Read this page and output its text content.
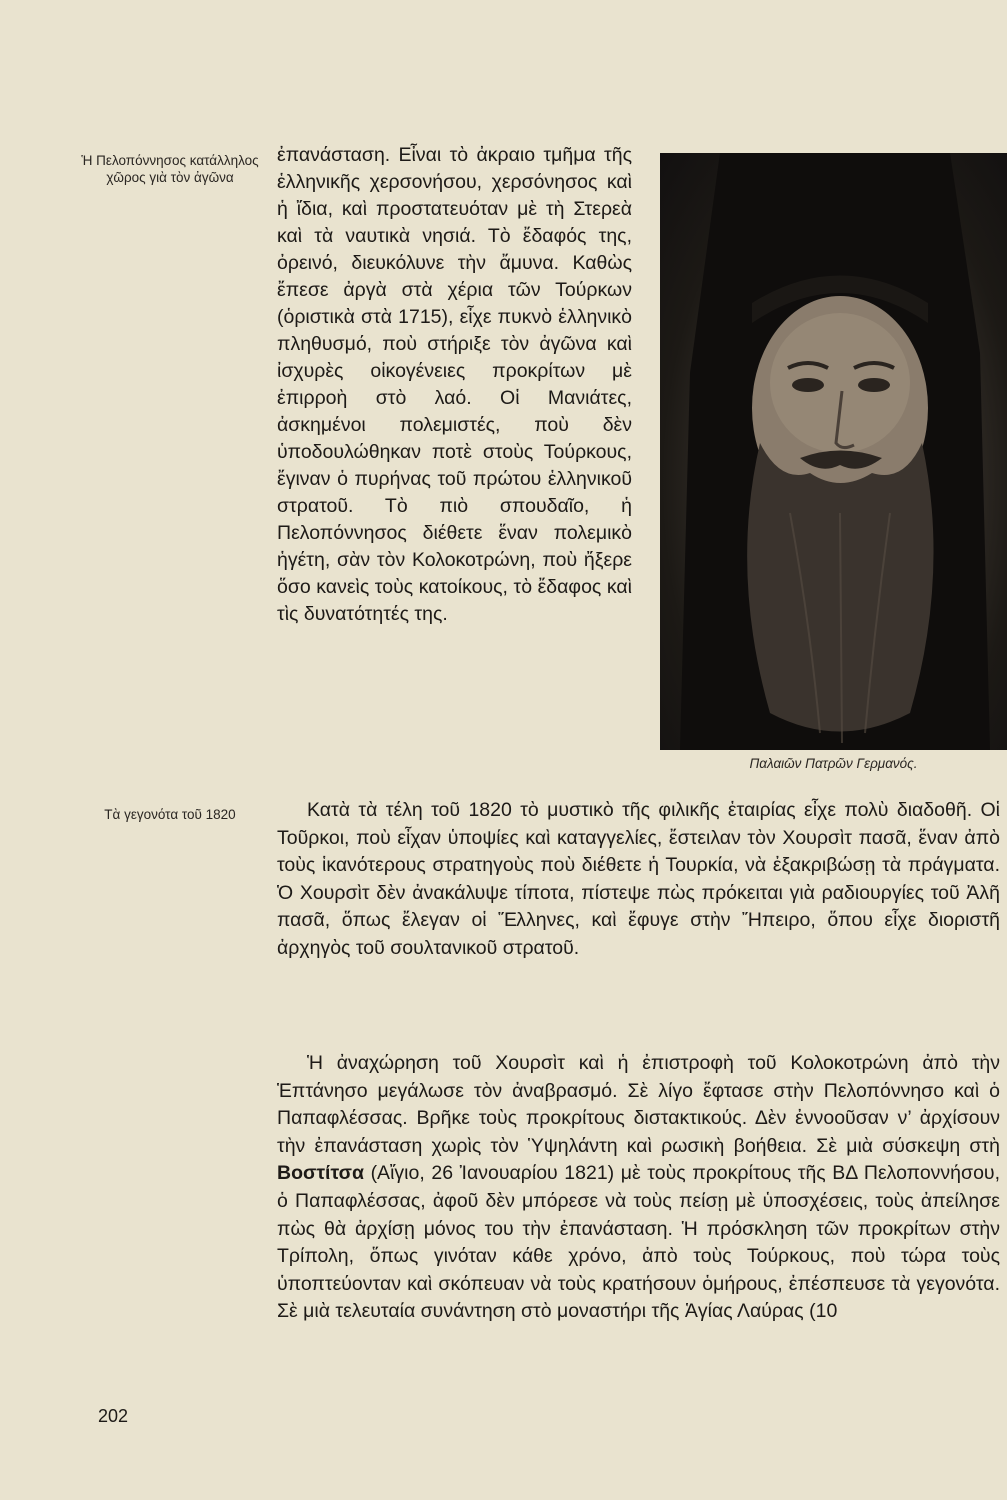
Ἡ Πελοπόννησος κατάλληλος χῶρος γιὰ τὸν ἀγῶνα
Τὰ γεγονότα τοῦ 1820

ἐπανάσταση. Εἶναι τὸ ἀκραιο τμῆμα τῆς ἑλληνικῆς χερσονήσου, χερσόνησος καὶ ἡ ἴδια, καὶ προστατευόταν μὲ τὴ Στερεὰ καὶ τὰ ναυτικὰ νησιά. Τὸ ἔδαφός της, ὀρεινό, διευκόλυνε τὴν ἄμυνα. Καθὼς ἔπεσε ἀργὰ στὰ χέρια τῶν Τούρκων (ὁριστικὰ στὰ 1715), εἶχε πυκνὸ ἑλληνικὸ πληθυσμό, ποὺ στήριξε τὸν ἀγῶνα καὶ ἰσχυρὲς οἰκογένειες προκρίτων μὲ ἐπιρροὴ στὸ λαό. Οἱ Μανιάτες, ἀσκημένοι πολεμιστές, ποὺ δὲν ὑποδουλώθηκαν ποτὲ στοὺς Τούρκους, ἔγιναν ὁ πυρήνας τοῦ πρώτου ἑλληνικοῦ στρατοῦ. Τὸ πιὸ σπουδαῖο, ἡ Πελοπόννησος διέθετε ἕναν πολεμικὸ ἡγέτη, σὰν τὸν Κολοκοτρώνη, ποὺ ἤξερε ὅσο κανεὶς τοὺς κατοίκους, τὸ ἔδαφος καὶ τὶς δυνατότητές της.

Παλαιῶν Πατρῶν Γερμανός.

Κατὰ τὰ τέλη τοῦ 1820 τὸ μυστικὸ τῆς φιλικῆς ἑταιρίας εἶχε πολὺ διαδοθῆ. Οἱ Τοῦρκοι, ποὺ εἶχαν ὑποψίες καὶ καταγγελίες, ἔστειλαν τὸν Χουρσὶτ πασᾶ, ἕναν ἀπὸ τοὺς ἱκανότερους στρατηγοὺς ποὺ διέθετε ἡ Τουρκία, νὰ ἐξακριβώσῃ τὰ πράγματα. Ὁ Χουρσὶτ δὲν ἀνακάλυψε τίποτα, πίστεψε πὼς πρόκειται γιὰ ραδιουργίες τοῦ Ἀλῆ πασᾶ, ὅπως ἔλεγαν οἱ Ἕλληνες, καὶ ἔφυγε στὴν Ἤπειρο, ὅπου εἶχε διοριστῆ ἀρχηγὸς τοῦ σουλτανικοῦ στρατοῦ.

Ἡ ἀναχώρηση τοῦ Χουρσὶτ καὶ ἡ ἐπιστροφὴ τοῦ Κολοκοτρώνη ἀπὸ τὴν Ἑπτάνησο μεγάλωσε τὸν ἀναβρασμό. Σὲ λίγο ἔφτασε στὴν Πελοπόννησο καὶ ὁ Παπαφλέσσας. Βρῆκε τοὺς προκρίτους διστακτικούς. Δὲν ἐννοοῦσαν ν’ ἀρχίσουν τὴν ἐπανάσταση χωρὶς τὸν Ὑψηλάντη καὶ ρωσικὴ βοήθεια. Σὲ μιὰ σύσκεψη στὴ Βοστίτσα (Αἴγιο, 26 Ἰανουαρίου 1821) μὲ τοὺς προκρίτους τῆς ΒΔ Πελοποννήσου, ὁ Παπαφλέσσας, ἀφοῦ δὲν μπόρεσε νὰ τοὺς πείσῃ μὲ ὑποσχέσεις, τοὺς ἀπείλησε πὼς θὰ ἀρχίσῃ μόνος του τὴν ἐπανάσταση. Ἡ πρόσκληση τῶν προκρίτων στὴν Τρίπολη, ὅπως γινόταν κάθε χρόνο, ἀπὸ τοὺς Τούρκους, ποὺ τώρα τοὺς ὑποπτεύονταν καὶ σκόπευαν νὰ τοὺς κρατήσουν ὁμήρους, ἐπέσπευσε τὰ γεγονότα. Σὲ μιὰ τελευταία συνάντηση στὸ μοναστήρι τῆς Ἁγίας Λαύρας (10

202
